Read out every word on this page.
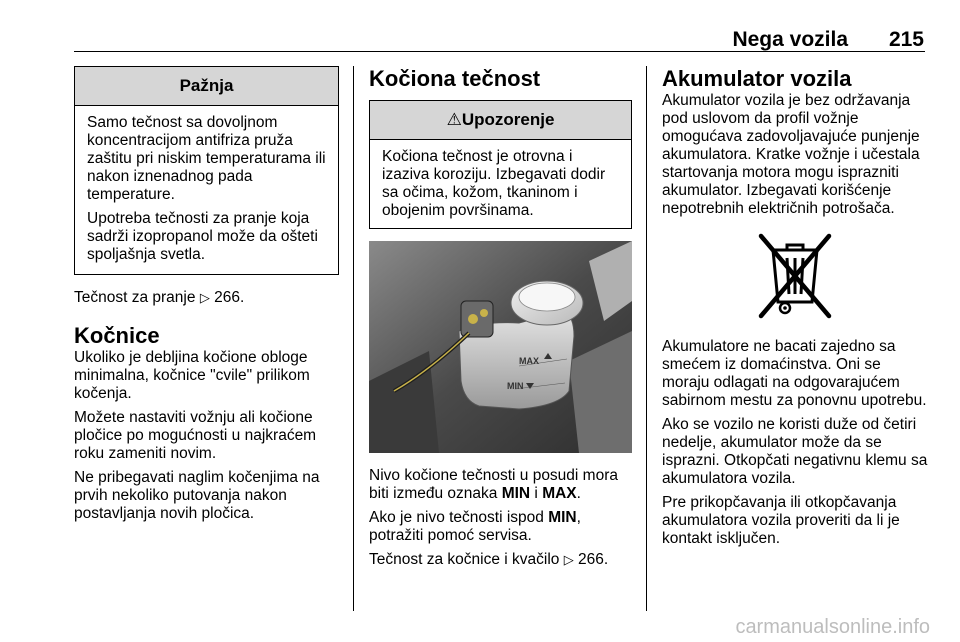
Nega vozila 215
Pažnja

Samo tečnost sa dovoljnom koncentracijom antifriza pruža zaštitu pri niskim temperaturama ili nakon iznenadnog pada temperature.

Upotreba tečnosti za pranje koja sadrži izopropanol može da ošteti spoljašnja svetla.

Tečnost za pranje ▷ 266.

Kočnice

Ukoliko je debljina kočione obloge minimalna, kočnice "cvile" prilikom kočenja.

Možete nastaviti vožnju ali kočione pločice po mogućnosti u najkraćem roku zameniti novim.

Ne pribegavati naglim kočenjima na prvih nekoliko putovanja nakon postavljanja novih pločica.

Kočiona tečnost
⚠Upozorenje

Kočiona tečnost je otrovna i izaziva koroziju. Izbegavati dodir sa očima, kožom, tkaninom i obojenim površinama.

MAX
MIN

Nivo kočione tečnosti u posudi mora biti između oznaka MIN i MAX.

Ako je nivo tečnosti ispod MIN, potražiti pomoć servisa.

Tečnost za kočnice i kvačilo ▷ 266.

Akumulator vozila

Akumulator vozila je bez održavanja pod uslovom da profil vožnje omogućava zadovoljavajuće punjenje akumulatora. Kratke vožnje i učestala startovanja motora mogu isprazniti akumulator. Izbegavati korišćenje nepotrebnih električnih potrošača.

Akumulatore ne bacati zajedno sa smećem iz domaćinstva. Oni se moraju odlagati na odgovarajućem sabirnom mestu za ponovnu upotrebu.

Ako se vozilo ne koristi duže od četiri nedelje, akumulator može da se isprazni. Otkopčati negativnu klemu sa akumulatora vozila.

Pre prikopčavanja ili otkopčavanja akumulatora vozila proveriti da li je kontakt isključen.

carmanualsonline.info
